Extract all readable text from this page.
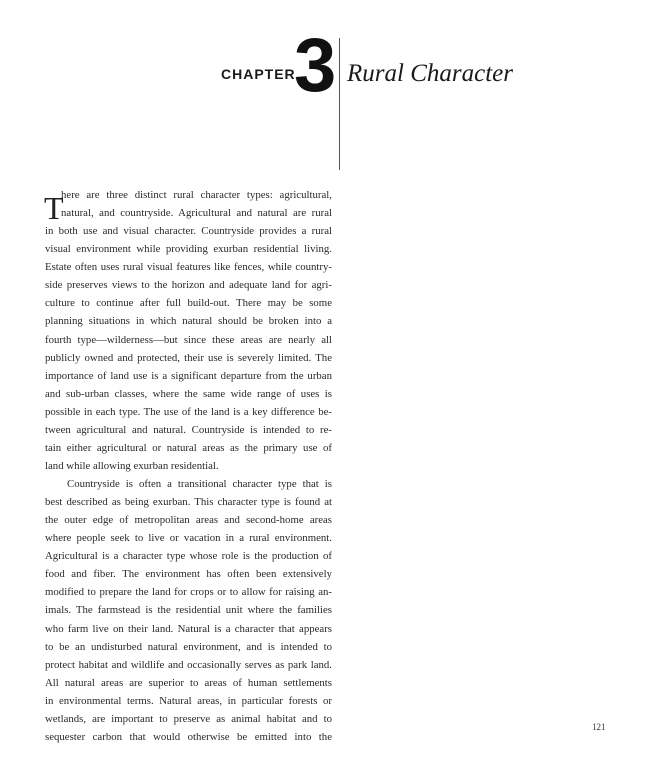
CHAPTER
3 Rural Character
T
here are three distinct rural character types: agricultural,
natural, and countryside. Agricultural and natural are rural
in both use and visual character. Countryside provides a rural
visual environment while providing exurban residential living.
Estate often uses rural visual features like fences, while country-
side preserves views to the horizon and adequate land for agri-
culture to continue after full build-out. There may be some
planning situations in which natural should be broken into a
fourth type—wilderness—but since these areas are nearly all
publicly owned and protected, their use is severely limited. The
importance of land use is a significant departure from the urban
and sub-urban classes, where the same wide range of uses is
possible in each type. The use of the land is a key difference be-
tween agricultural and natural. Countryside is intended to re-
tain either agricultural or natural areas as the primary use of
land while allowing exurban residential.
Countryside is often a transitional character type that is
best described as being exurban. This character type is found at
the outer edge of metropolitan areas and second-home areas
where people seek to live or vacation in a rural environment.
Agricultural is a character type whose role is the production of
food and fiber. The environment has often been extensively
modified to prepare the land for crops or to allow for raising an-
imals. The farmstead is the residential unit where the families
who farm live on their land. Natural is a character that appears
to be an undisturbed natural environment, and is intended to
protect habitat and wildlife and occasionally serves as park land.
All natural areas are superior to areas of human settlements
in environmental terms. Natural areas, in particular forests or
wetlands, are important to preserve as animal habitat and to
sequester carbon that would otherwise be emitted into the
121
